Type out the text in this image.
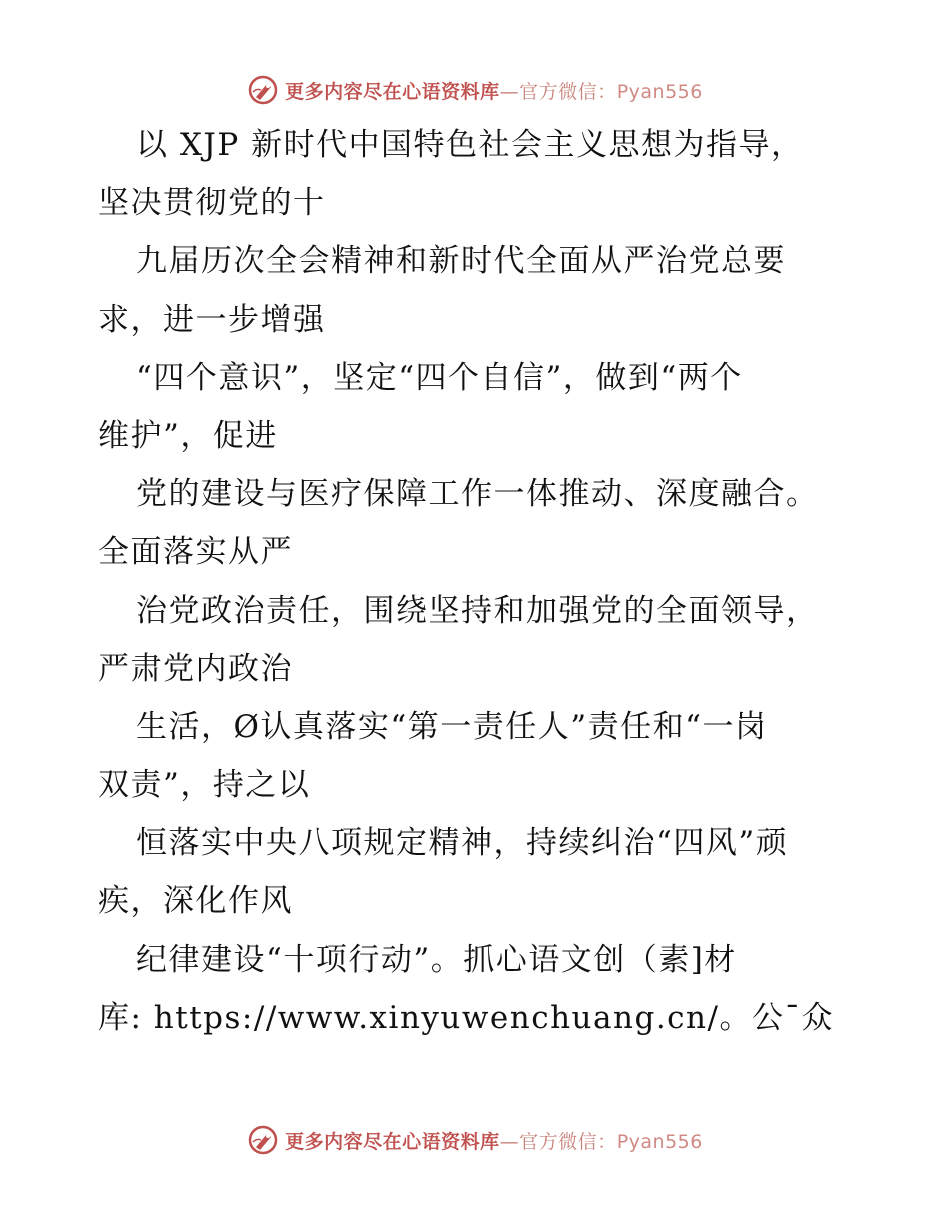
更多内容尽在心语资料库—官方微信：Pyan556
以 XJP 新时代中国特色社会主义思想为指导，
坚决贯彻党的十
九届历次全会精神和新时代全面从严治党总要
求，进一步增强
“四个意识”，坚定“四个自信”，做到“两个
维护”，促进
党的建设与医疗保障工作一体推动、深度融合。
全面落实从严
治党政治责任，围绕坚持和加强党的全面领导，
严肃党内政治
生活，Ø认真落实“第一责任人”责任和“一岗
双责”，持之以
恒落实中央八项规定精神，持续纠治“四风”顽
疾，深化作风
纪律建设“十项行动”。抓心语文创（素]材
库: https://www.xinyuwenchuang.cn/。公¯众
更多内容尽在心语资料库—官方微信：Pyan556
